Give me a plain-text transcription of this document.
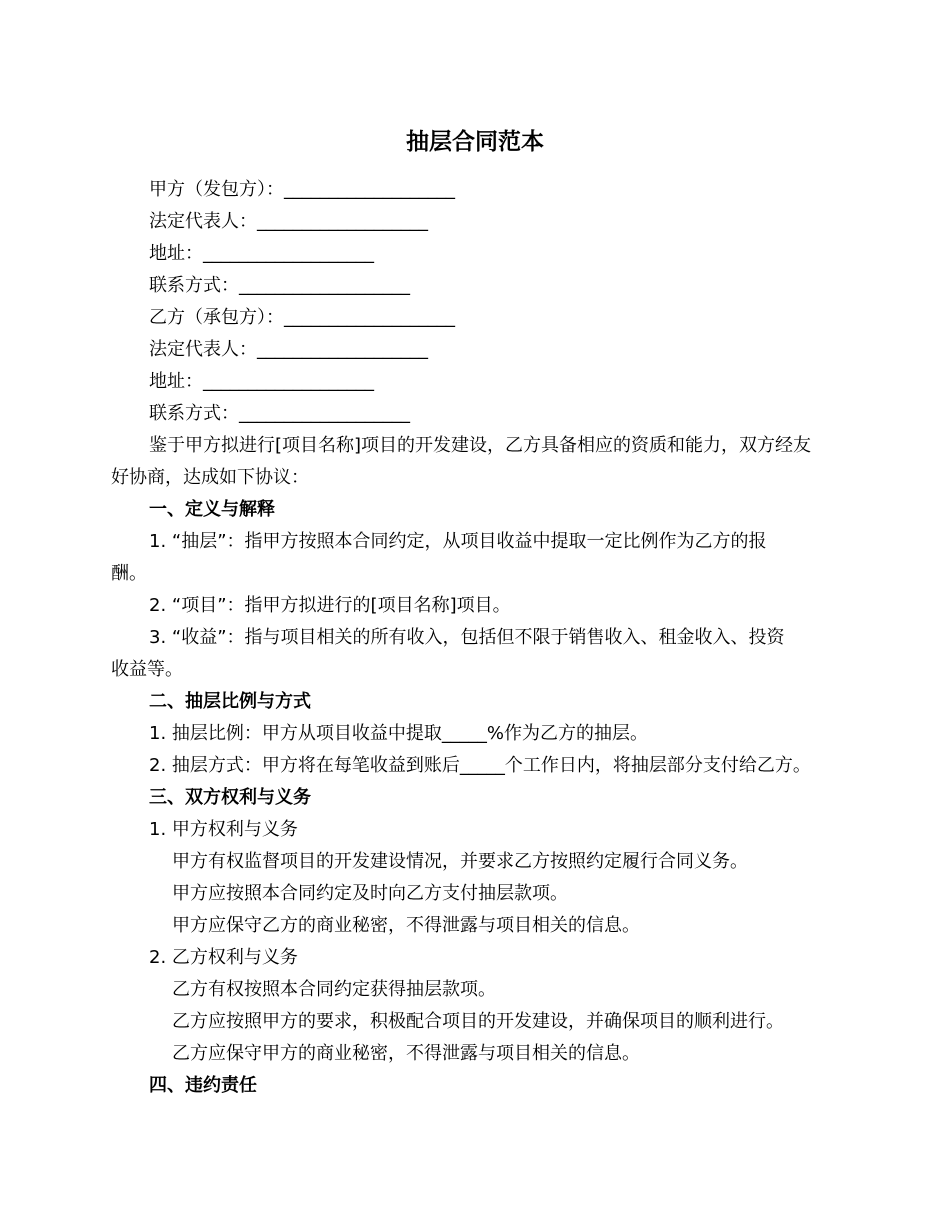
抽层合同范本
甲方（发包方）：___________________
法定代表人：___________________
地址：___________________
联系方式：___________________
乙方（承包方）：___________________
法定代表人：___________________
地址：___________________
联系方式：___________________
鉴于甲方拟进行[项目名称]项目的开发建设，乙方具备相应的资质和能力，双方经友
好协商，达成如下协议：
一、定义与解释
1. “抽层”：指甲方按照本合同约定，从项目收益中提取一定比例作为乙方的报
酬。
2. “项目”：指甲方拟进行的[项目名称]项目。
3. “收益”：指与项目相关的所有收入，包括但不限于销售收入、租金收入、投资
收益等。
二、抽层比例与方式
1. 抽层比例：甲方从项目收益中提取_____%作为乙方的抽层。
2. 抽层方式：甲方将在每笔收益到账后_____个工作日内，将抽层部分支付给乙方。
三、双方权利与义务
1. 甲方权利与义务
甲方有权监督项目的开发建设情况，并要求乙方按照约定履行合同义务。
甲方应按照本合同约定及时向乙方支付抽层款项。
甲方应保守乙方的商业秘密，不得泄露与项目相关的信息。
2. 乙方权利与义务
乙方有权按照本合同约定获得抽层款项。
乙方应按照甲方的要求，积极配合项目的开发建设，并确保项目的顺利进行。
乙方应保守甲方的商业秘密，不得泄露与项目相关的信息。
四、违约责任
